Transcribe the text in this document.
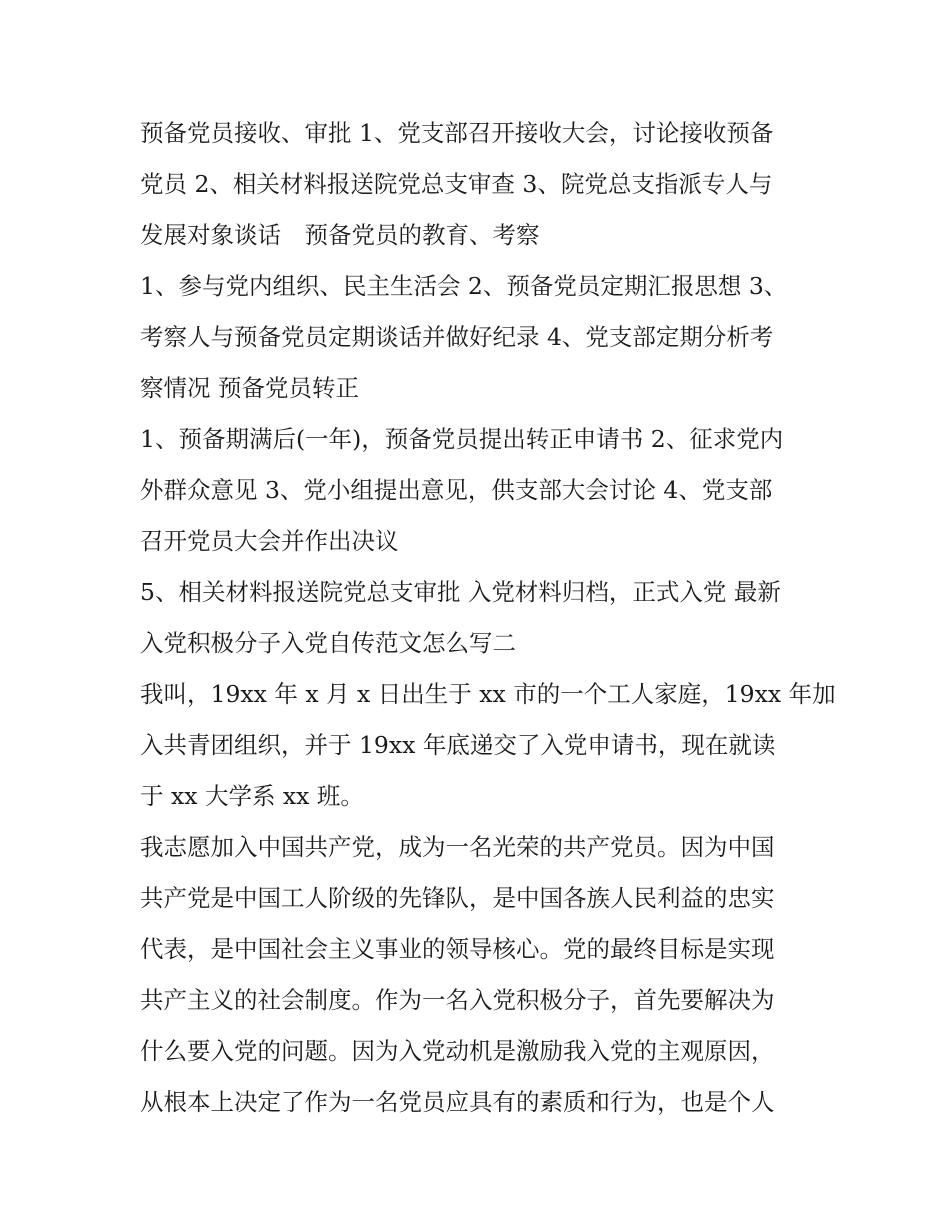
预备党员接收、审批 1、党支部召开接收大会，讨论接收预备
党员 2、相关材料报送院党总支审查 3、院党总支指派专人与
发展对象谈话　预备党员的教育、考察
1、参与党内组织、民主生活会 2、预备党员定期汇报思想 3、
考察人与预备党员定期谈话并做好纪录 4、党支部定期分析考
察情况 预备党员转正
1、预备期满后(一年)，预备党员提出转正申请书 2、征求党内
外群众意见 3、党小组提出意见，供支部大会讨论 4、党支部
召开党员大会并作出决议
5、相关材料报送院党总支审批 入党材料归档，正式入党 最新
入党积极分子入党自传范文怎么写二
我叫，19xx 年 x 月 x 日出生于 xx 市的一个工人家庭，19xx 年加
入共青团组织，并于 19xx 年底递交了入党申请书，现在就读
于 xx 大学系 xx 班。
我志愿加入中国共产党，成为一名光荣的共产党员。因为中国
共产党是中国工人阶级的先锋队，是中国各族人民利益的忠实
代表，是中国社会主义事业的领导核心。党的最终目标是实现
共产主义的社会制度。作为一名入党积极分子，首先要解决为
什么要入党的问题。因为入党动机是激励我入党的主观原因，
从根本上决定了作为一名党员应具有的素质和行为，也是个人
